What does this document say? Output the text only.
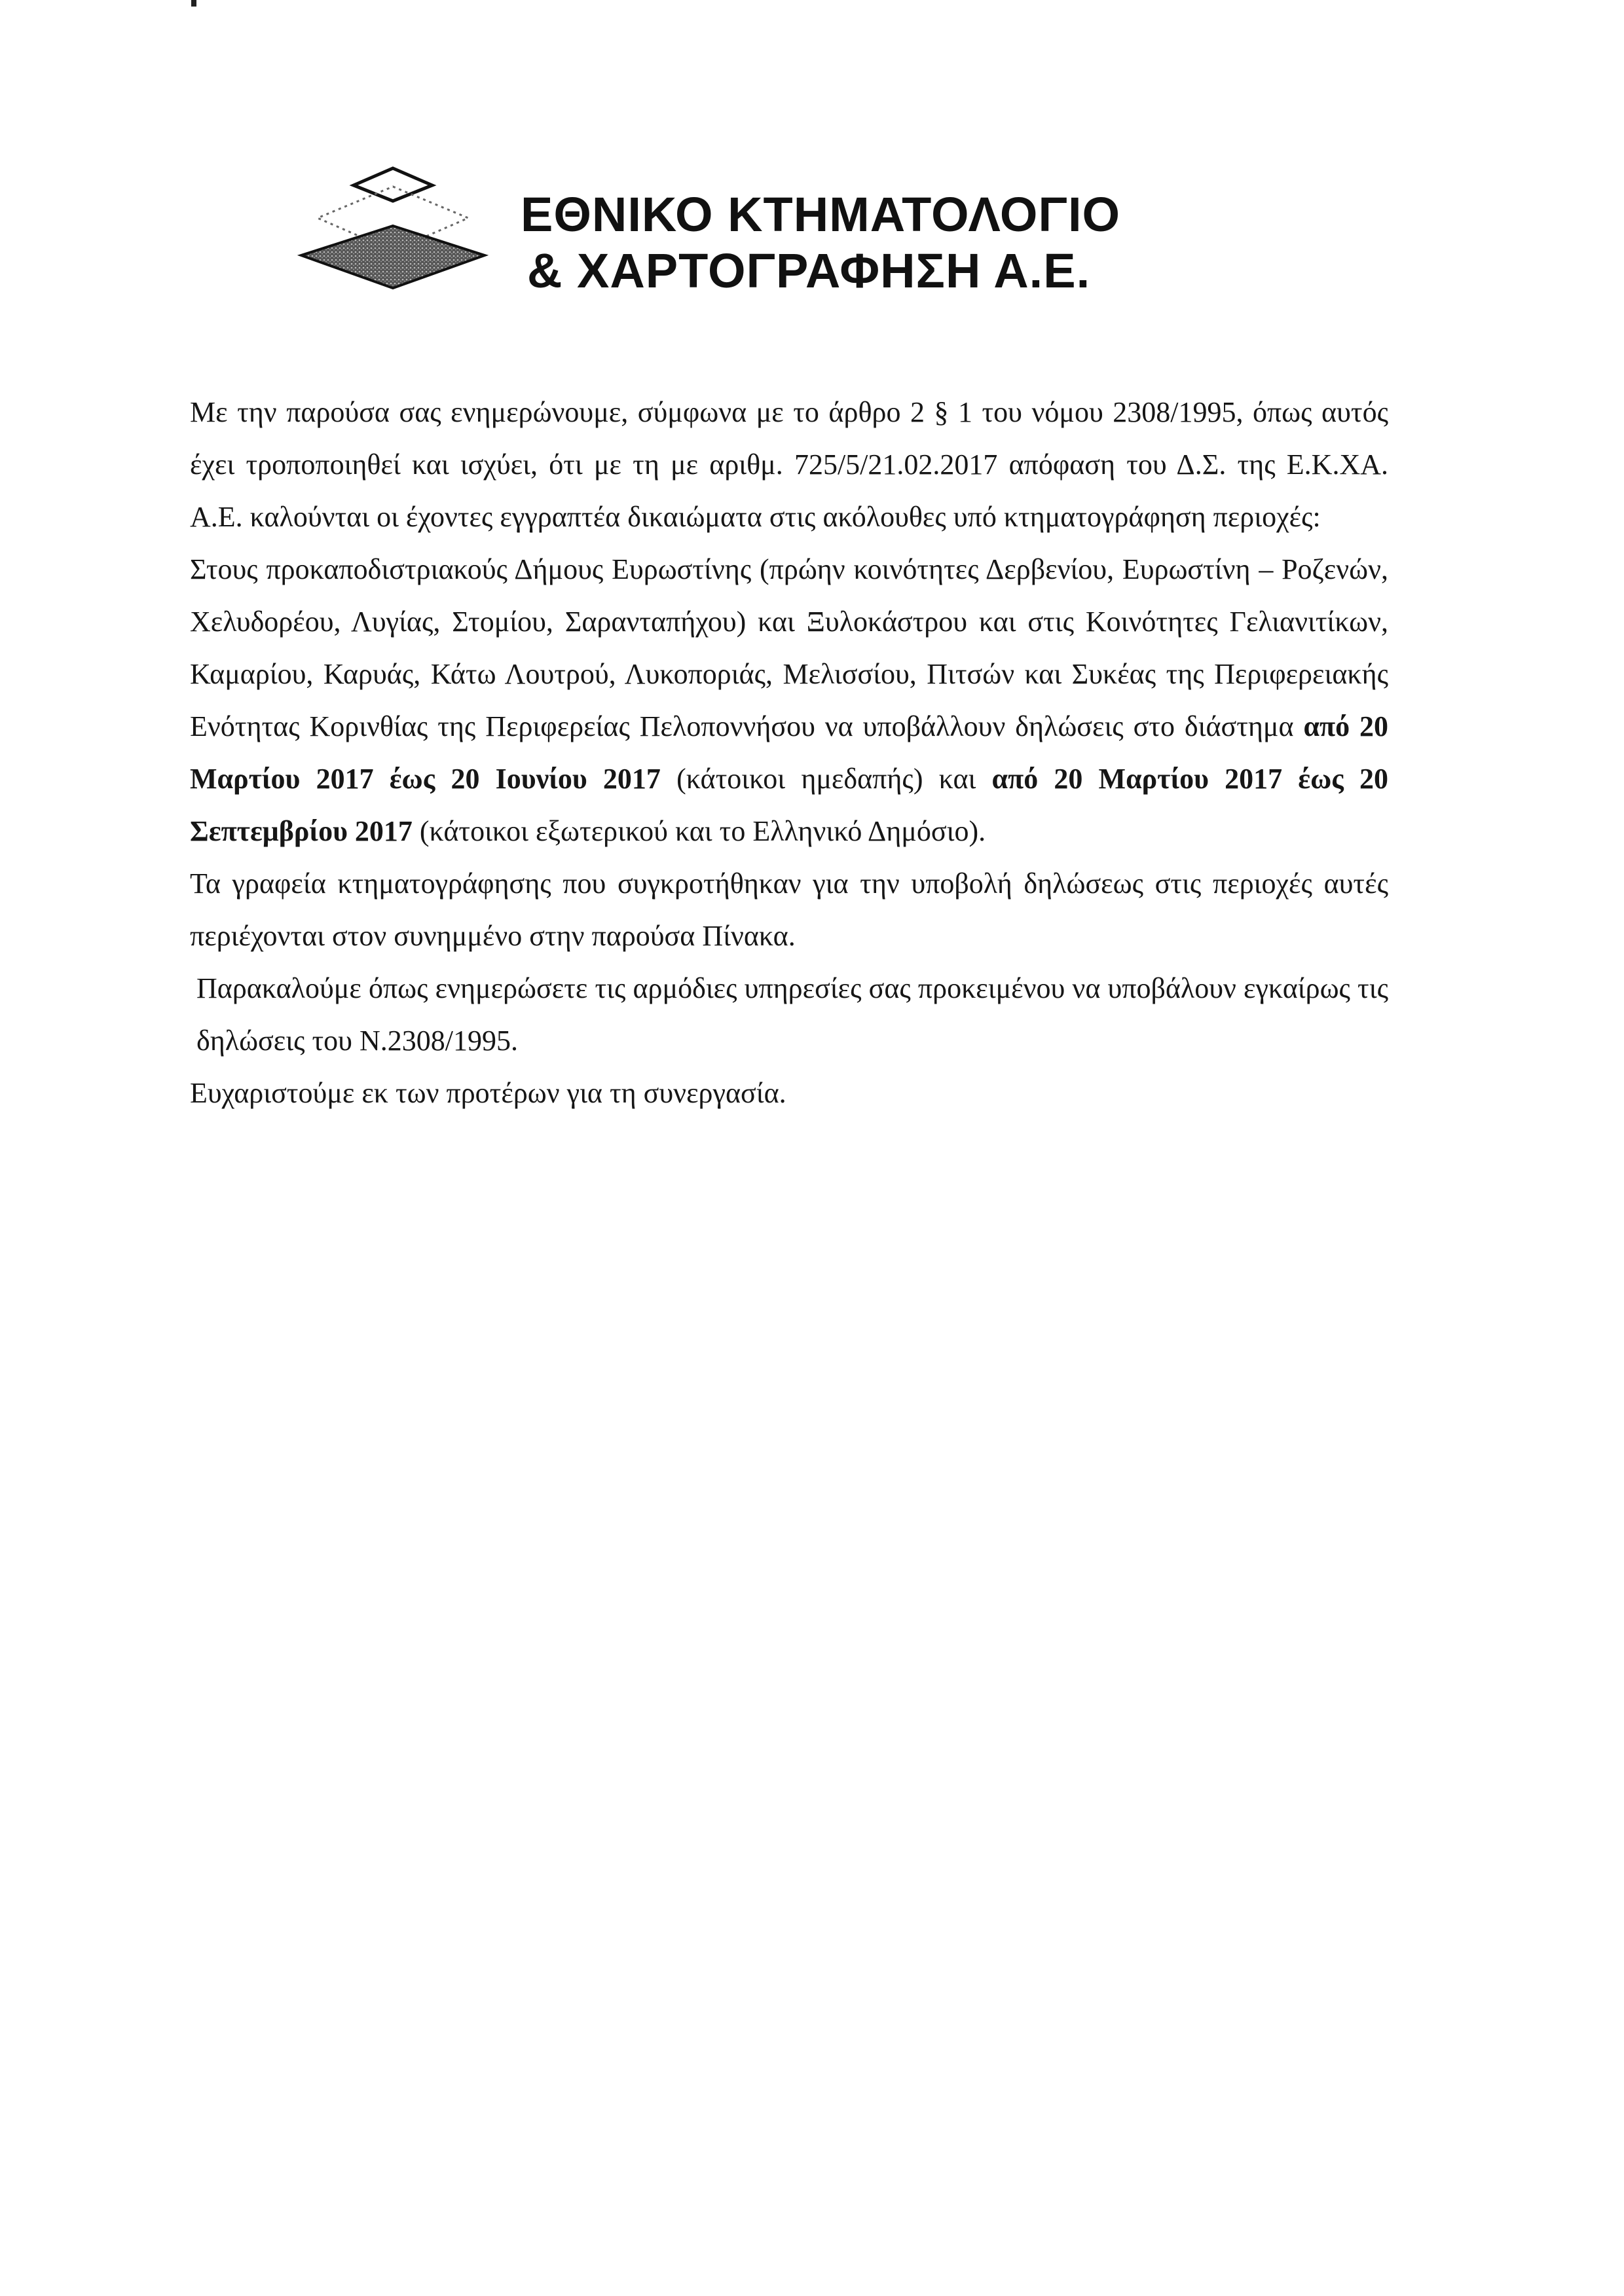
ΕΘΝΙΚΟ ΚΤΗΜΑΤΟΛΟΓΙΟ
& ΧΑΡΤΟΓΡΑΦΗΣΗ Α.Ε.

Με την παρούσα σας ενημερώνουμε, σύμφωνα με το άρθρο 2 § 1 του νόμου 2308/1995, όπως αυτός έχει τροποποιηθεί και ισχύει, ότι με τη με αριθμ. 725/5/21.02.2017 απόφαση του Δ.Σ. της Ε.Κ.ΧΑ. Α.Ε. καλούνται οι έχοντες εγγραπτέα δικαιώματα στις ακόλουθες υπό κτηματογράφηση περιοχές:

Στους προκαποδιστριακούς Δήμους Ευρωστίνης (πρώην κοινότητες Δερβενίου, Ευρωστίνη – Ροζενών, Χελυδορέου, Λυγίας, Στομίου, Σαρανταπήχου) και Ξυλοκάστρου και στις Κοινότητες Γελιανιτίκων, Καμαρίου, Καρυάς, Κάτω Λουτρού, Λυκοποριάς, Μελισσίου, Πιτσών και Συκέας της Περιφερειακής Ενότητας Κορινθίας της Περιφερείας Πελοποννήσου να υποβάλλουν δηλώσεις στο διάστημα από 20 Μαρτίου 2017 έως 20 Ιουνίου 2017 (κάτοικοι ημεδαπής) και από 20 Μαρτίου 2017 έως 20 Σεπτεμβρίου 2017 (κάτοικοι εξωτερικού και το Ελληνικό Δημόσιο).

Τα γραφεία κτηματογράφησης που συγκροτήθηκαν για την υποβολή δηλώσεως στις περιοχές αυτές περιέχονται στον συνημμένο στην παρούσα Πίνακα.

Παρακαλούμε όπως ενημερώσετε τις αρμόδιες υπηρεσίες σας προκειμένου να υποβάλουν εγκαίρως τις δηλώσεις του Ν.2308/1995.

Ευχαριστούμε εκ των προτέρων για τη συνεργασία.
